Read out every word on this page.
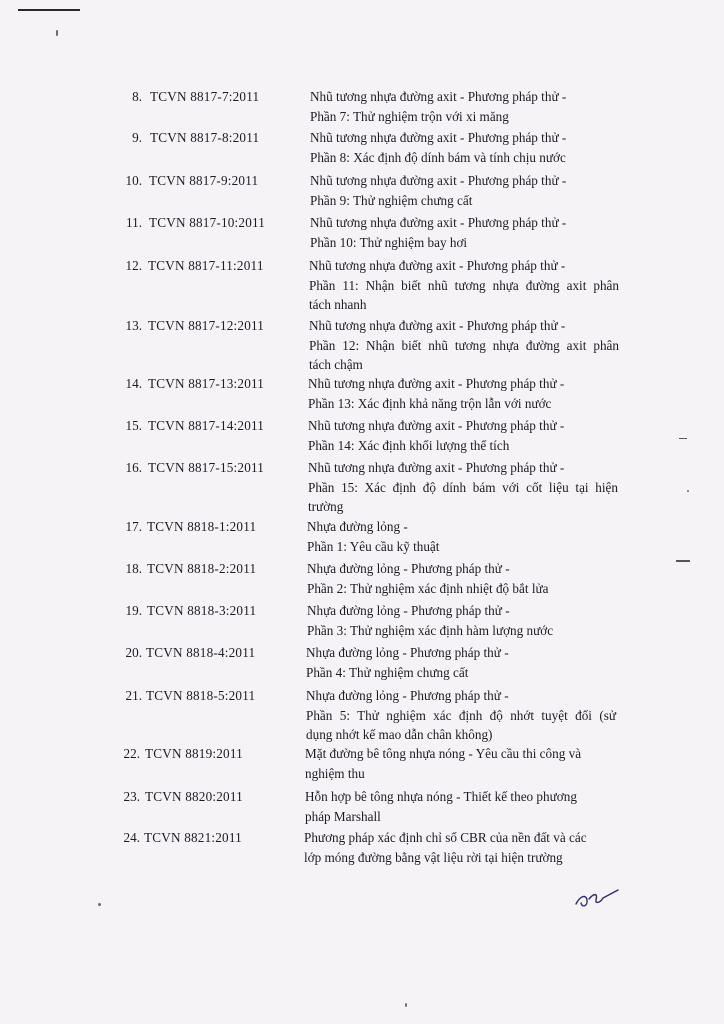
8. TCVN 8817-7:2011	Nhũ tương nhựa đường axit - Phương pháp thử -
Phần 7: Thử nghiệm trộn với xi măng
9. TCVN 8817-8:2011	Nhũ tương nhựa đường axit - Phương pháp thử -
Phần 8: Xác định độ dính bám và tính chịu nước
10. TCVN 8817-9:2011	Nhũ tương nhựa đường axit - Phương pháp thử -
Phần 9: Thử nghiệm chưng cất
11. TCVN 8817-10:2011	Nhũ tương nhựa đường axit - Phương pháp thử -
Phần 10: Thử nghiệm bay hơi
12. TCVN 8817-11:2011	Nhũ tương nhựa đường axit - Phương pháp thử -
Phần 11: Nhận biết nhũ tương nhựa đường axit phân
tách nhanh
13. TCVN 8817-12:2011	Nhũ tương nhựa đường axit - Phương pháp thử -
Phần 12: Nhận biết nhũ tương nhựa đường axit phân
tách chậm
14. TCVN 8817-13:2011	Nhũ tương nhựa đường axit - Phương pháp thử -
Phần 13: Xác định khả năng trộn lẫn với nước
15. TCVN 8817-14:2011	Nhũ tương nhựa đường axit - Phương pháp thử -
Phần 14: Xác định khối lượng thể tích
16. TCVN 8817-15:2011	Nhũ tương nhựa đường axit - Phương pháp thử -
Phần 15: Xác định độ dính bám với cốt liệu tại hiện
trường
17. TCVN 8818-1:2011	Nhựa đường lỏng -
Phần 1: Yêu cầu kỹ thuật
18. TCVN 8818-2:2011	Nhựa đường lỏng - Phương pháp thử -
Phần 2: Thử nghiệm xác định nhiệt độ bắt lửa
19. TCVN 8818-3:2011	Nhựa đường lỏng - Phương pháp thử -
Phần 3: Thử nghiệm xác định hàm lượng nước
20. TCVN 8818-4:2011	Nhựa đường lỏng - Phương pháp thử -
Phần 4: Thử nghiệm chưng cất
21. TCVN 8818-5:2011	Nhựa đường lỏng - Phương pháp thử -
Phần 5: Thử nghiệm xác định độ nhớt tuyệt đối (sử
dụng nhớt kế mao dẫn chân không)
22. TCVN 8819:2011	Mặt đường bê tông nhựa nóng - Yêu cầu thi công và
nghiệm thu
23. TCVN 8820:2011	Hỗn hợp bê tông nhựa nóng - Thiết kế theo phương
pháp Marshall
24. TCVN 8821:2011	Phương pháp xác định chỉ số CBR của nền đất và các
lớp móng đường bằng vật liệu rời tại hiện trường
